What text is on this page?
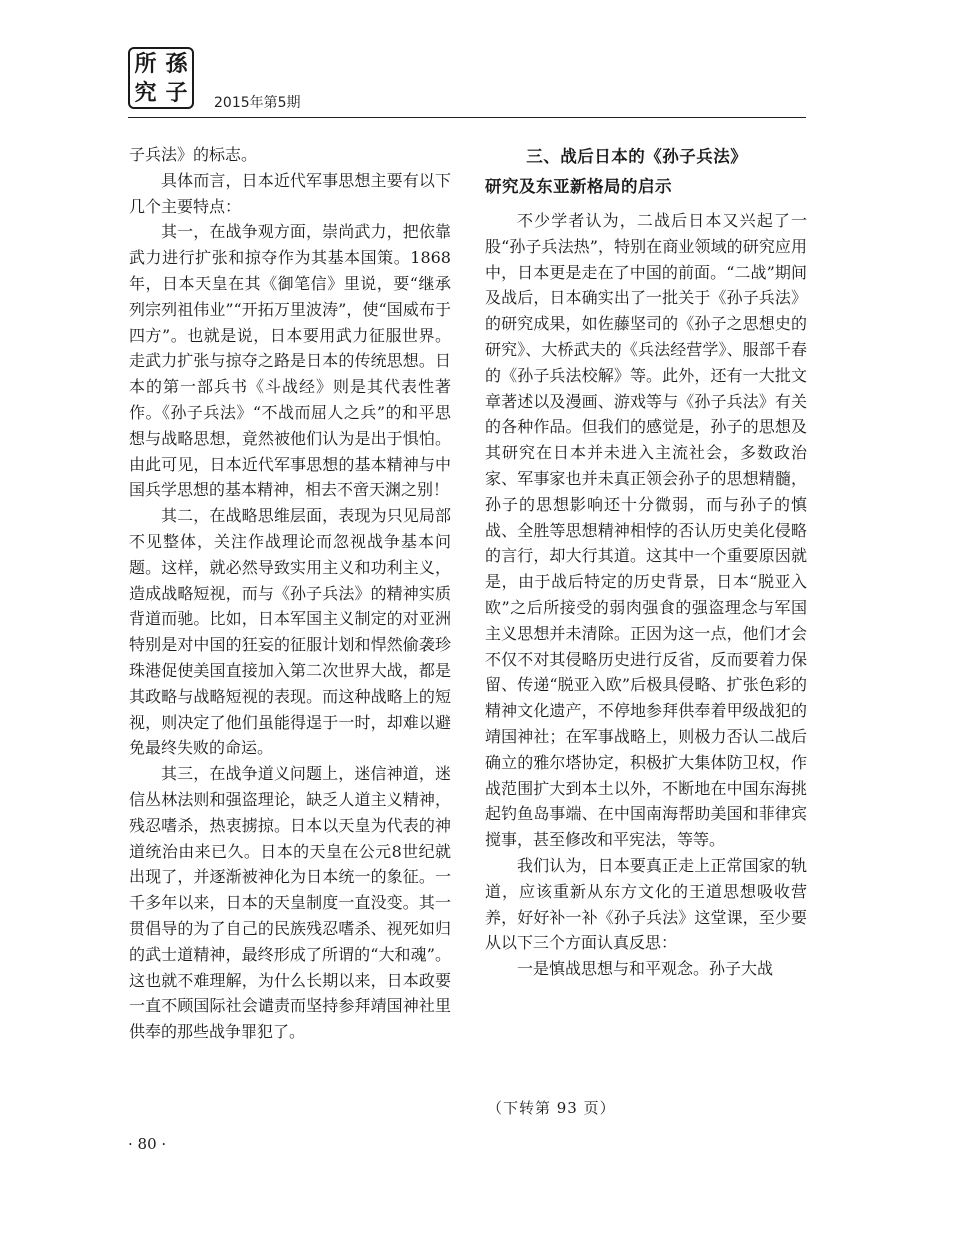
所 孫
究 子 2015年第5期

子兵法》的标志。

具体而言，日本近代军事思想主要有以下几个主要特点：

其一，在战争观方面，崇尚武力，把依靠武力进行扩张和掠夺作为其基本国策。1868年，日本天皇在其《御笔信》里说，要“继承列宗列祖伟业”“开拓万里波涛”，使“国威布于四方”。也就是说，日本要用武力征服世界。走武力扩张与掠夺之路是日本的传统思想。日本的第一部兵书《斗战经》则是其代表性著作。《孙子兵法》“不战而屈人之兵”的和平思想与战略思想，竟然被他们认为是出于惧怕。由此可见，日本近代军事思想的基本精神与中国兵学思想的基本精神，相去不啻天渊之别！

其二，在战略思维层面，表现为只见局部不见整体，关注作战理论而忽视战争基本问题。这样，就必然导致实用主义和功利主义，造成战略短视，而与《孙子兵法》的精神实质背道而驰。比如，日本军国主义制定的对亚洲特别是对中国的狂妄的征服计划和悍然偷袭珍珠港促使美国直接加入第二次世界大战，都是其政略与战略短视的表现。而这种战略上的短视，则决定了他们虽能得逞于一时，却难以避免最终失败的命运。

其三，在战争道义问题上，迷信神道，迷信丛林法则和强盗理论，缺乏人道主义精神，残忍嗜杀，热衷掳掠。日本以天皇为代表的神道统治由来已久。日本的天皇在公元8世纪就出现了，并逐渐被神化为日本统一的象征。一千多年以来，日本的天皇制度一直没变。其一贯倡导的为了自己的民族残忍嗜杀、视死如归的武士道精神，最终形成了所谓的“大和魂”。这也就不难理解，为什么长期以来，日本政要一直不顾国际社会谴责而坚持参拜靖国神社里供奉的那些战争罪犯了。

三、战后日本的《孙子兵法》
研究及东亚新格局的启示

不少学者认为，二战后日本又兴起了一股“孙子兵法热”，特别在商业领域的研究应用中，日本更是走在了中国的前面。“二战”期间及战后，日本确实出了一批关于《孙子兵法》的研究成果，如佐藤坚司的《孙子之思想史的研究》、大桥武夫的《兵法经营学》、服部千春的《孙子兵法校解》等。此外，还有一大批文章著述以及漫画、游戏等与《孙子兵法》有关的各种作品。但我们的感觉是，孙子的思想及其研究在日本并未进入主流社会，多数政治家、军事家也并未真正领会孙子的思想精髓，孙子的思想影响还十分微弱，而与孙子的慎战、全胜等思想精神相悖的否认历史美化侵略的言行，却大行其道。这其中一个重要原因就是，由于战后特定的历史背景，日本“脱亚入欧”之后所接受的弱肉强食的强盗理念与军国主义思想并未清除。正因为这一点，他们才会不仅不对其侵略历史进行反省，反而要着力保留、传递“脱亚入欧”后极具侵略、扩张色彩的精神文化遗产，不停地参拜供奉着甲级战犯的靖国神社；在军事战略上，则极力否认二战后确立的雅尔塔协定，积极扩大集体防卫权，作战范围扩大到本土以外，不断地在中国东海挑起钓鱼岛事端、在中国南海帮助美国和菲律宾搅事，甚至修改和平宪法，等等。

我们认为，日本要真正走上正常国家的轨道，应该重新从东方文化的王道思想吸收营养，好好补一补《孙子兵法》这堂课，至少要从以下三个方面认真反思：

一是慎战思想与和平观念。孙子大战

（下转第 93 页）
· 80 ·
